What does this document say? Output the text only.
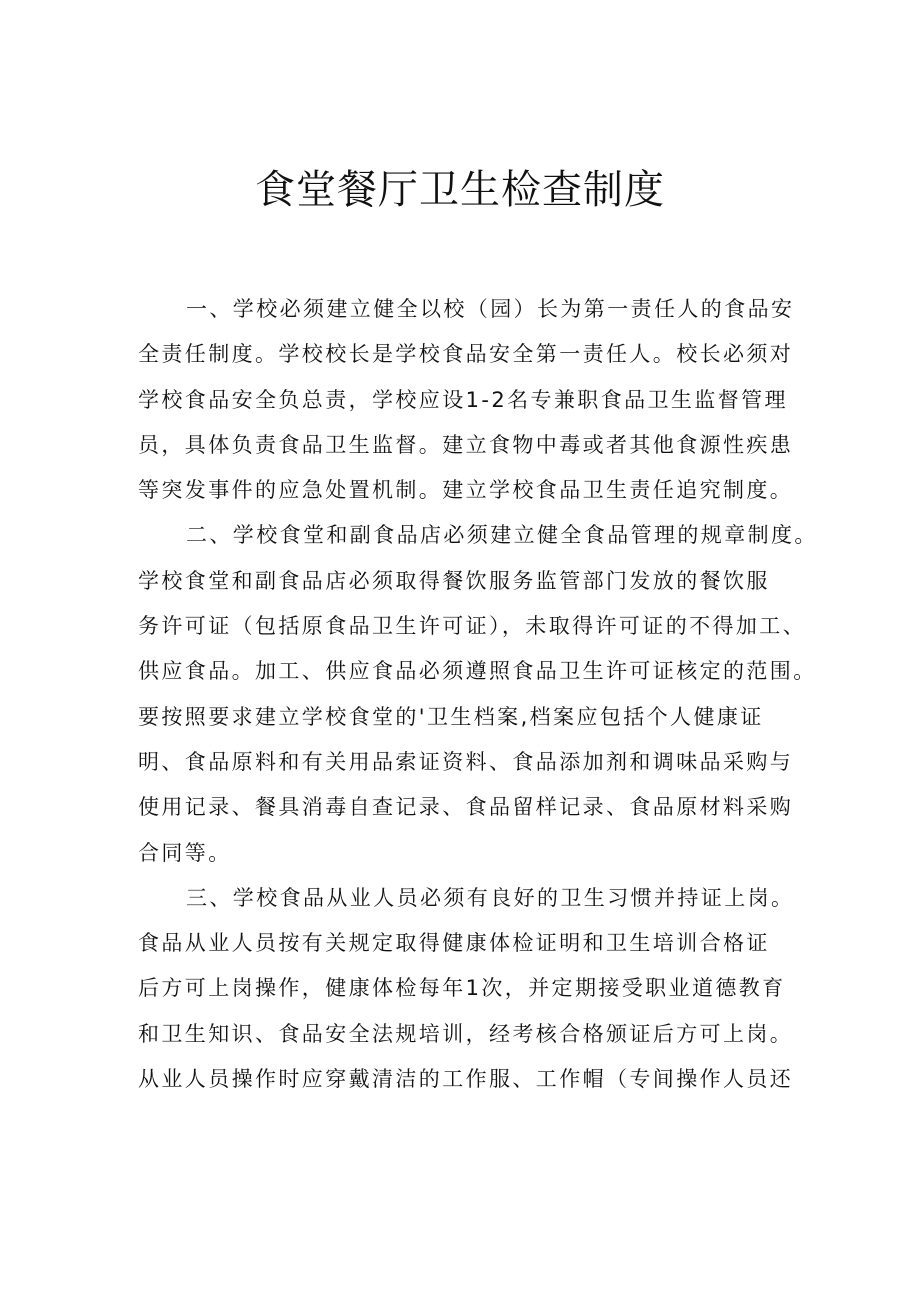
食堂餐厅卫生检查制度

一、学校必须建立健全以校（园）长为第一责任人的食品安

全责任制度。学校校长是学校食品安全第一责任人。校长必须对

学校食品安全负总责，学校应设1-2名专兼职食品卫生监督管理

员，具体负责食品卫生监督。建立食物中毒或者其他食源性疾患

等突发事件的应急处置机制。建立学校食品卫生责任追究制度。

二、学校食堂和副食品店必须建立健全食品管理的规章制度。

学校食堂和副食品店必须取得餐饮服务监管部门发放的餐饮服

务许可证（包括原食品卫生许可证），未取得许可证的不得加工、

供应食品。加工、供应食品必须遵照食品卫生许可证核定的范围。

要按照要求建立学校食堂的'卫生档案,档案应包括个人健康证

明、食品原料和有关用品索证资料、食品添加剂和调味品采购与

使用记录、餐具消毒自查记录、食品留样记录、食品原材料采购

合同等。

三、学校食品从业人员必须有良好的卫生习惯并持证上岗。

食品从业人员按有关规定取得健康体检证明和卫生培训合格证

后方可上岗操作，健康体检每年1次，并定期接受职业道德教育

和卫生知识、食品安全法规培训，经考核合格颁证后方可上岗。

从业人员操作时应穿戴清洁的工作服、工作帽（专间操作人员还
